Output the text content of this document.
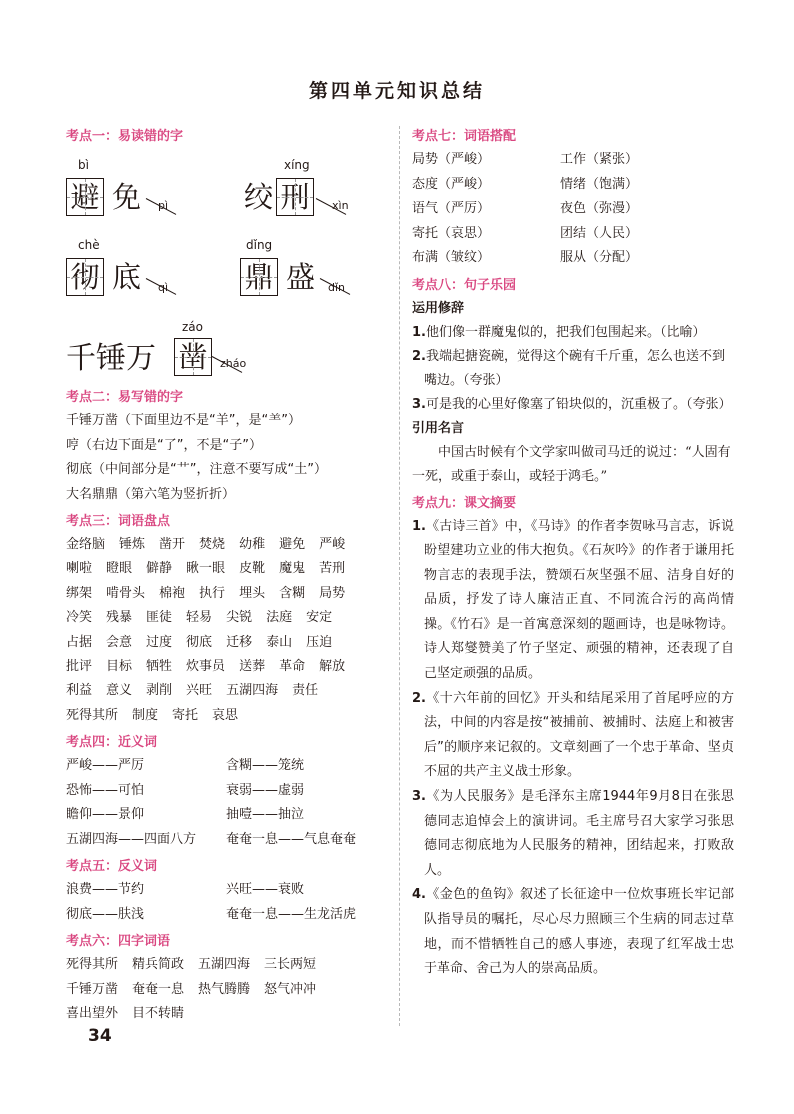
第四单元知识总结
考点一：易读错的字
bì
避 免 pì	绞
xíng
刑	xìn
chè
彻 底 qì
dǐng
鼎 盛 dǐn
千锤万
záo
凿	zháo
考点二：易写错的字
千锤万凿（下面里边不是“羊”，是“⺷”）
哼（右边下面是“了”，不是“子”）
彻底（中间部分是“⺾”，注意不要写成“土”）
大名鼎鼎（第六笔为竖折折）
考点三：词语盘点
金络脑 锤炼 凿开 焚烧 幼稚 避免 严峻
喇啦 瞪眼 僻静 瞅一眼 皮靴 魔鬼 苦刑
绑架 啃骨头 棉袍 执行 埋头 含糊 局势
冷笑 残暴 匪徒 轻易 尖锐 法庭 安定
占据 会意 过度 彻底 迁移 泰山 压迫
批评 目标 牺牲 炊事员 送葬 革命 解放
利益 意义 剥削 兴旺 五湖四海 责任
死得其所 制度 寄托 哀思
考点四：近义词
严峻——严厉	含糊——笼统
恐怖——可怕	衰弱——虚弱
瞻仰——景仰	抽噎——抽泣
五湖四海——四面八方	奄奄一息——气息奄奄
考点五：反义词
浪费——节约	兴旺——衰败
彻底——肤浅	奄奄一息——生龙活虎
考点六：四字词语
死得其所 精兵简政 五湖四海 三长两短
千锤万凿 奄奄一息 热气腾腾 怒气冲冲
喜出望外 目不转睛
考点七：词语搭配
局势（严峻）	工作（紧张）
态度（严峻）	情绪（饱满）
语气（严厉）	夜色（弥漫）
寄托（哀思）	团结（人民）
布满（皱纹）	服从（分配）
考点八：句子乐园
运用修辞
1.他们像一群魔鬼似的，把我们包围起来。（比喻）
2.我端起搪瓷碗，觉得这个碗有千斤重，怎么也送不到嘴边。（夸张）
3.可是我的心里好像塞了铅块似的，沉重极了。（夸张）
引用名言
中国古时候有个文学家叫做司马迁的说过：“人固有一死，或重于泰山，或轻于鸿毛。”
考点九：课文摘要
1.《古诗三首》中，《马诗》的作者李贺咏马言志，诉说盼望建功立业的伟大抱负。《石灰吟》的作者于谦用托物言志的表现手法，赞颂石灰坚强不屈、洁身自好的品质，抒发了诗人廉洁正直、不同流合污的高尚情操。《竹石》是一首寓意深刻的题画诗，也是咏物诗。诗人郑燮赞美了竹子坚定、顽强的精神，还表现了自己坚定顽强的品质。
2.《十六年前的回忆》开头和结尾采用了首尾呼应的方法，中间的内容是按“被捕前、被捕时、法庭上和被害后”的顺序来记叙的。文章刻画了一个忠于革命、坚贞不屈的共产主义战士形象。
3.《为人民服务》是毛泽东主席1944年9月8日在张思德同志追悼会上的演讲词。毛主席号召大家学习张思德同志彻底地为人民服务的精神，团结起来，打败敌人。
4.《金色的鱼钩》叙述了长征途中一位炊事班长牢记部队指导员的嘱托，尽心尽力照顾三个生病的同志过草地，而不惜牺牲自己的感人事迹，表现了红军战士忠于革命、舍己为人的崇高品质。
34
